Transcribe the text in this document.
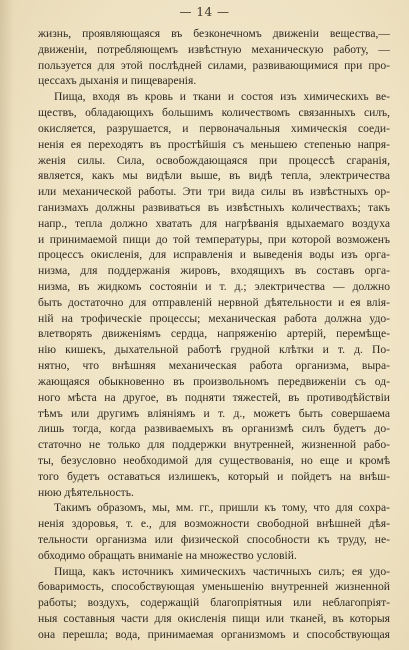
— 14 —
жизнь, проявляющаяся въ безконечномъ движеніи вещества,—
движеніи, потребляющемъ извѣстную механическую работу, —
пользуется для этой послѣдней силами, развивающимися при про-
цессахъ дыханія и пищеваренія.
Пища, входя въ кровь и ткани и состоя изъ химическихъ ве-
ществъ, обладающихъ большимъ количествомъ связанныхъ силъ,
окисляется, разрушается, и первоначальныя химическія соеди-
ненія ея переходятъ въ простѣйшія съ меньшею степенью напря-
женія силы. Сила, освобождающаяся при процессѣ сгаранія,
является, какъ мы видѣли выше, въ видѣ тепла, электричества
или механической работы. Эти три вида силы въ извѣстныхъ ор-
ганизмахъ должны развиваться въ извѣстныхъ количествахъ; такъ
напр., тепла должно хватать для нагрѣванія вдыхаемаго воздуха
и принимаемой пищи до той температуры, при которой возможенъ
процессъ окисленія, для исправленія и выведенія воды изъ орга-
низма, для поддержанія жировъ, входящихъ въ составъ орга-
низма, въ жидкомъ состояніи и т. д.; электричества — должно
быть достаточно для отправленій нервной дѣятельности и ея влія-
ній на трофическіе процессы; механическая работа должна удо-
влетворять движеніямъ сердца, напряженію артерій, перемѣще-
нію кишекъ, дыхательной работѣ грудной клѣтки и т. д. По-
нятно, что внѣшняя механическая работа организма, выра-
жающаяся обыкновенно въ произвольномъ передвиженіи съ од-
ного мѣста на другое, въ подняти тяжестей, въ противодѣйствіи
тѣмъ или другимъ вліяніямъ и т. д., можетъ быть совершаема
лишь тогда, когда развиваемыхъ въ организмѣ силъ будетъ до-
статочно не только для поддержки внутренней, жизненной рабо-
ты, безусловно необходимой для существованія, но еще и кромѣ
того будетъ оставаться излишекъ, который и пойдетъ на внѣш-
нюю дѣятельность.
Такимъ образомъ, мы, мм. гг., пришли къ тому, что для сохра-
ненія здоровья, т. е., для возможности свободной внѣшней дѣя-
тельности организма или физической способности къ труду, не-
обходимо обращать вниманіе на множество условій.
Пища, какъ источникъ химическихъ частичныхъ силъ; ея удо-
боваримость, способствующая уменьшенію внутренней жизненной
работы; воздухъ, содержащій благопріятныя или неблагопріят-
ныя составныя части для окисленія пищи или тканей, въ которыя
она перешла; вода, принимаемая организмомъ и способствующая
